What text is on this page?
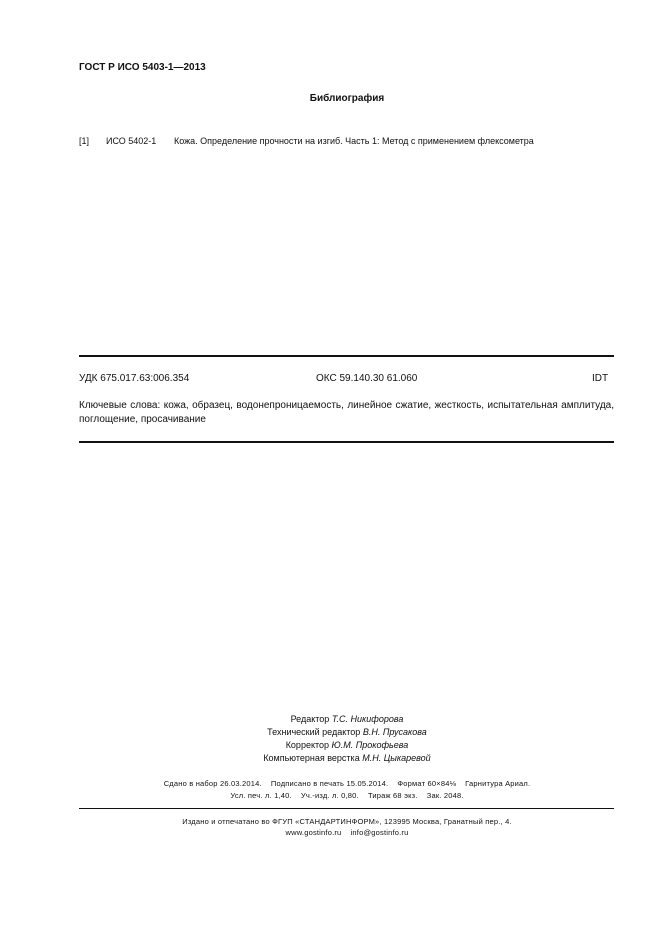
ГОСТ Р ИСО 5403-1—2013
Библиография
[1] ИСО 5402-1 Кожа. Определение прочности на изгиб. Часть 1: Метод с применением флексометра
УДК 675.017.63:006.354	ОКС 59.140.30 61.060	IDT
Ключевые слова: кожа, образец, водонепроницаемость, линейное сжатие, жесткость, испытательная амплитуда, поглощение, просачивание
Редактор Т.С. Никифорова
Технический редактор В.Н. Прусакова
Корректор Ю.М. Прокофьева
Компьютерная верстка М.Н. Цыкаревой
Сдано в набор 26.03.2014.    Подписано в печать 15.05.2014.    Формат 60×84⅛    Гарнитура Ариал.
Усл. печ. л. 1,40.    Уч.-изд. л. 0,80.    Тираж 68 экз.    Зак. 2048.
Издано и отпечатано во ФГУП «СТАНДАРТИНФОРМ», 123995 Москва, Гранатный пер., 4.
www.gostinfo.ru    info@gostinfo.ru
